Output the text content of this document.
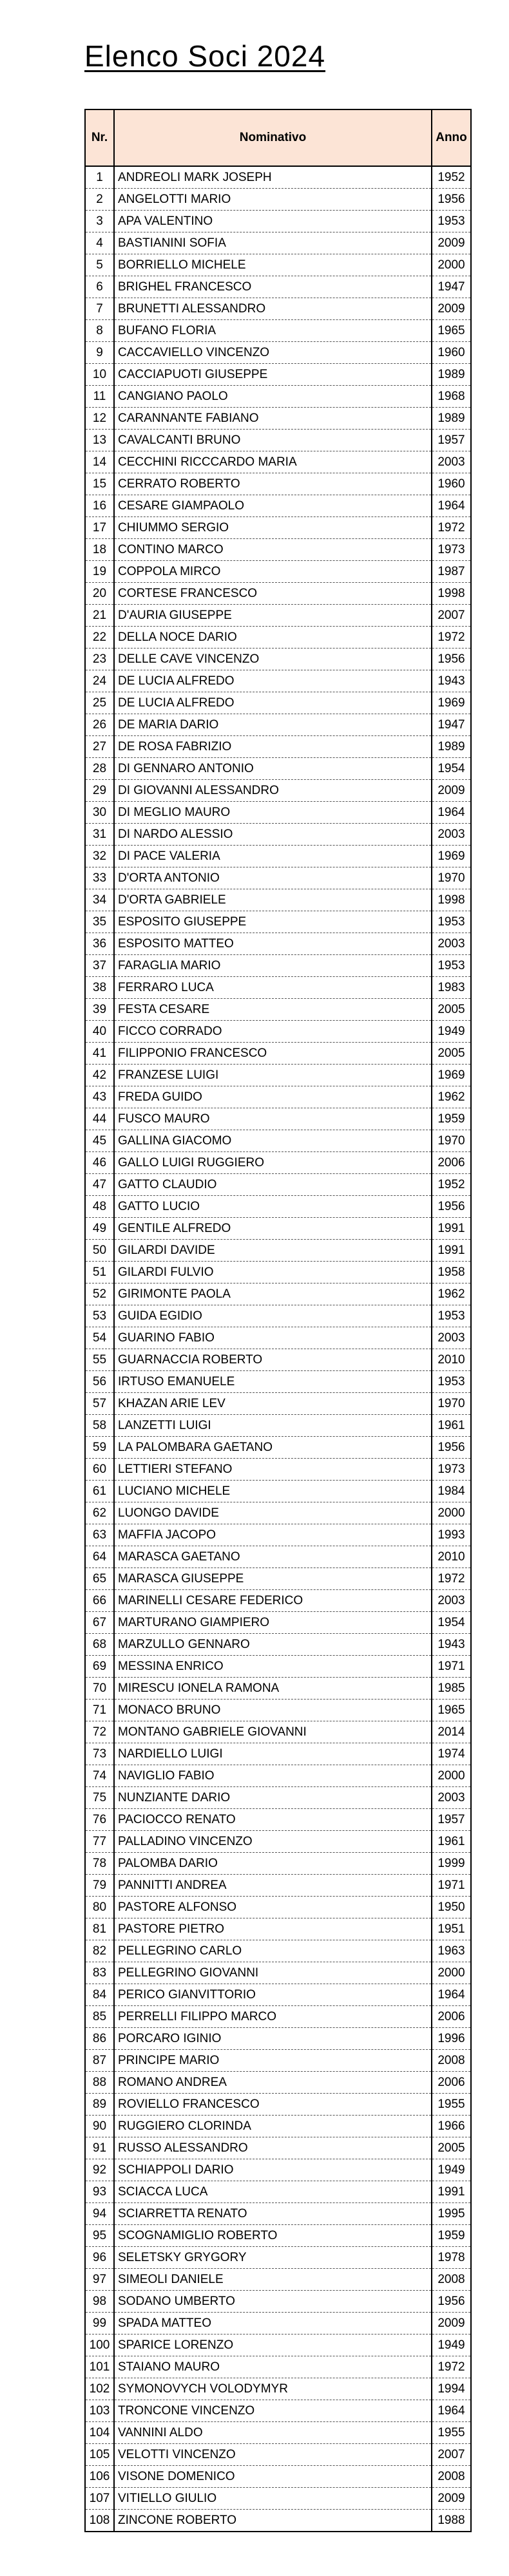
Elenco Soci 2024
Nr.	Nominativo	Anno
1	ANDREOLI MARK JOSEPH	1952
2	ANGELOTTI MARIO	1956
3	APA VALENTINO	1953
4	BASTIANINI SOFIA	2009
5	BORRIELLO MICHELE	2000
6	BRIGHEL FRANCESCO	1947
7	BRUNETTI ALESSANDRO	2009
8	BUFANO FLORIA	1965
9	CACCAVIELLO VINCENZO	1960
10	CACCIAPUOTI GIUSEPPE	1989
11	CANGIANO PAOLO	1968
12	CARANNANTE FABIANO	1989
13	CAVALCANTI BRUNO	1957
14	CECCHINI RICCCARDO MARIA	2003
15	CERRATO ROBERTO	1960
16	CESARE GIAMPAOLO	1964
17	CHIUMMO SERGIO	1972
18	CONTINO MARCO	1973
19	COPPOLA MIRCO	1987
20	CORTESE FRANCESCO	1998
21	D'AURIA GIUSEPPE	2007
22	DELLA NOCE DARIO	1972
23	DELLE CAVE VINCENZO	1956
24	DE LUCIA ALFREDO	1943
25	DE LUCIA ALFREDO	1969
26	DE MARIA DARIO	1947
27	DE ROSA FABRIZIO	1989
28	DI GENNARO ANTONIO	1954
29	DI GIOVANNI ALESSANDRO	2009
30	DI MEGLIO MAURO	1964
31	DI NARDO ALESSIO	2003
32	DI PACE VALERIA	1969
33	D'ORTA ANTONIO	1970
34	D'ORTA GABRIELE	1998
35	ESPOSITO GIUSEPPE	1953
36	ESPOSITO MATTEO	2003
37	FARAGLIA MARIO	1953
38	FERRARO LUCA	1983
39	FESTA CESARE	2005
40	FICCO CORRADO	1949
41	FILIPPONIO FRANCESCO	2005
42	FRANZESE LUIGI	1969
43	FREDA GUIDO	1962
44	FUSCO MAURO	1959
45	GALLINA GIACOMO	1970
46	GALLO LUIGI RUGGIERO	2006
47	GATTO CLAUDIO	1952
48	GATTO LUCIO	1956
49	GENTILE ALFREDO	1991
50	GILARDI DAVIDE	1991
51	GILARDI FULVIO	1958
52	GIRIMONTE PAOLA	1962
53	GUIDA EGIDIO	1953
54	GUARINO FABIO	2003
55	GUARNACCIA ROBERTO	2010
56	IRTUSO EMANUELE	1953
57	KHAZAN ARIE LEV	1970
58	LANZETTI LUIGI	1961
59	LA PALOMBARA GAETANO	1956
60	LETTIERI STEFANO	1973
61	LUCIANO MICHELE	1984
62	LUONGO DAVIDE	2000
63	MAFFIA JACOPO	1993
64	MARASCA GAETANO	2010
65	MARASCA GIUSEPPE	1972
66	MARINELLI CESARE FEDERICO	2003
67	MARTURANO GIAMPIERO	1954
68	MARZULLO GENNARO	1943
69	MESSINA ENRICO	1971
70	MIRESCU IONELA RAMONA	1985
71	MONACO BRUNO	1965
72	MONTANO GABRIELE GIOVANNI	2014
73	NARDIELLO LUIGI	1974
74	NAVIGLIO FABIO	2000
75	NUNZIANTE DARIO	2003
76	PACIOCCO RENATO	1957
77	PALLADINO VINCENZO	1961
78	PALOMBA DARIO	1999
79	PANNITTI ANDREA	1971
80	PASTORE ALFONSO	1950
81	PASTORE PIETRO	1951
82	PELLEGRINO CARLO	1963
83	PELLEGRINO GIOVANNI	2000
84	PERICO GIANVITTORIO	1964
85	PERRELLI FILIPPO MARCO	2006
86	PORCARO IGINIO	1996
87	PRINCIPE MARIO	2008
88	ROMANO ANDREA	2006
89	ROVIELLO FRANCESCO	1955
90	RUGGIERO CLORINDA	1966
91	RUSSO ALESSANDRO	2005
92	SCHIAPPOLI DARIO	1949
93	SCIACCA LUCA	1991
94	SCIARRETTA RENATO	1995
95	SCOGNAMIGLIO ROBERTO	1959
96	SELETSKY GRYGORY	1978
97	SIMEOLI DANIELE	2008
98	SODANO UMBERTO	1956
99	SPADA MATTEO	2009
100	SPARICE LORENZO	1949
101	STAIANO MAURO	1972
102	SYMONOVYCH VOLODYMYR	1994
103	TRONCONE VINCENZO	1964
104	VANNINI ALDO	1955
105	VELOTTI VINCENZO	2007
106	VISONE DOMENICO	2008
107	VITIELLO GIULIO	2009
108	ZINCONE ROBERTO	1988
